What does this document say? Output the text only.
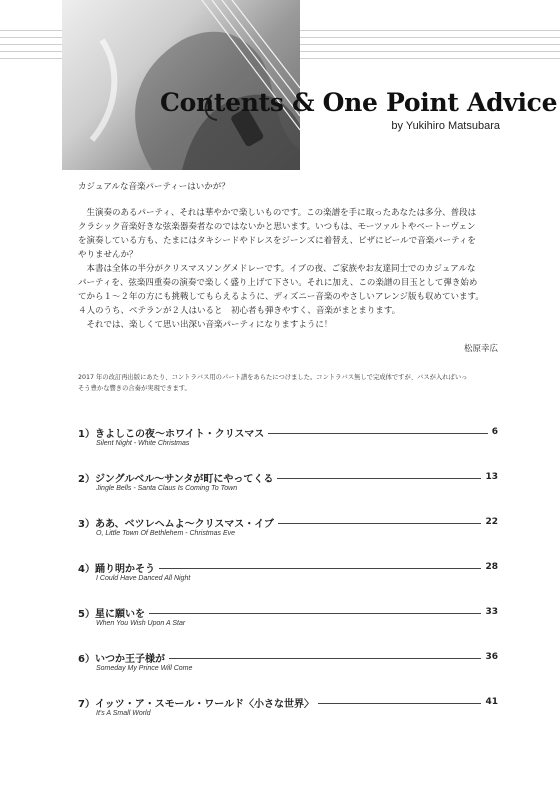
Contents & One Point Advice
by Yukihiro Matsubara

カジュアルな音楽パーティーはいかが？

　生演奏のあるパーティ、それは華やかで楽しいものです。この楽譜を手に取ったあなたは多分、普段は

クラシック音楽好きな弦楽器奏者なのではないかと思います。いつもは、モーツァルトやベートーヴェン

を演奏している方も、たまにはタキシードやドレスをジーンズに着替え、ピザにビールで音楽パーティを

やりませんか？

　本書は全体の半分がクリスマスソングメドレーです。イブの夜、ご家族やお友達同士でのカジュアルな

パーティを、弦楽四重奏の演奏で楽しく盛り上げて下さい。それに加え、この楽譜の目玉として弾き始め

てから１～２年の方にも挑戦してもらえるように、ディズニー音楽のやさしいアレンジ版も収めています。

４人のうち、ベテランが２人はいると　初心者も弾きやすく、音楽がまとまります。

　それでは、楽しくて思い出深い音楽パーティになりますように！

松原幸広
2017 年の改訂再出版にあたり、コントラバス用のパート譜をあらたにつけました。コントラバス無しで完成体ですが、バスが入ればいっ
そう豊かな響きの合奏が実現できます。
1） きよしこの夜～ホワイト・クリスマス	6
Silent Night - White Christmas
2） ジングルベル～サンタが町にやってくる	13
Jingle Bells - Santa Claus Is Coming To Town
3） ああ、ベツレヘムよ～クリスマス・イブ	22
O, Little Town Of Bethlehem - Christmas Eve
4） 踊り明かそう	28
I Could Have Danced All Night
5） 星に願いを	33
When You Wish Upon A Star
6） いつか王子様が	36
Someday My Prince Will Come
7） イッツ・ア・スモール・ワールド〈小さな世界〉	41
It's A Small World
